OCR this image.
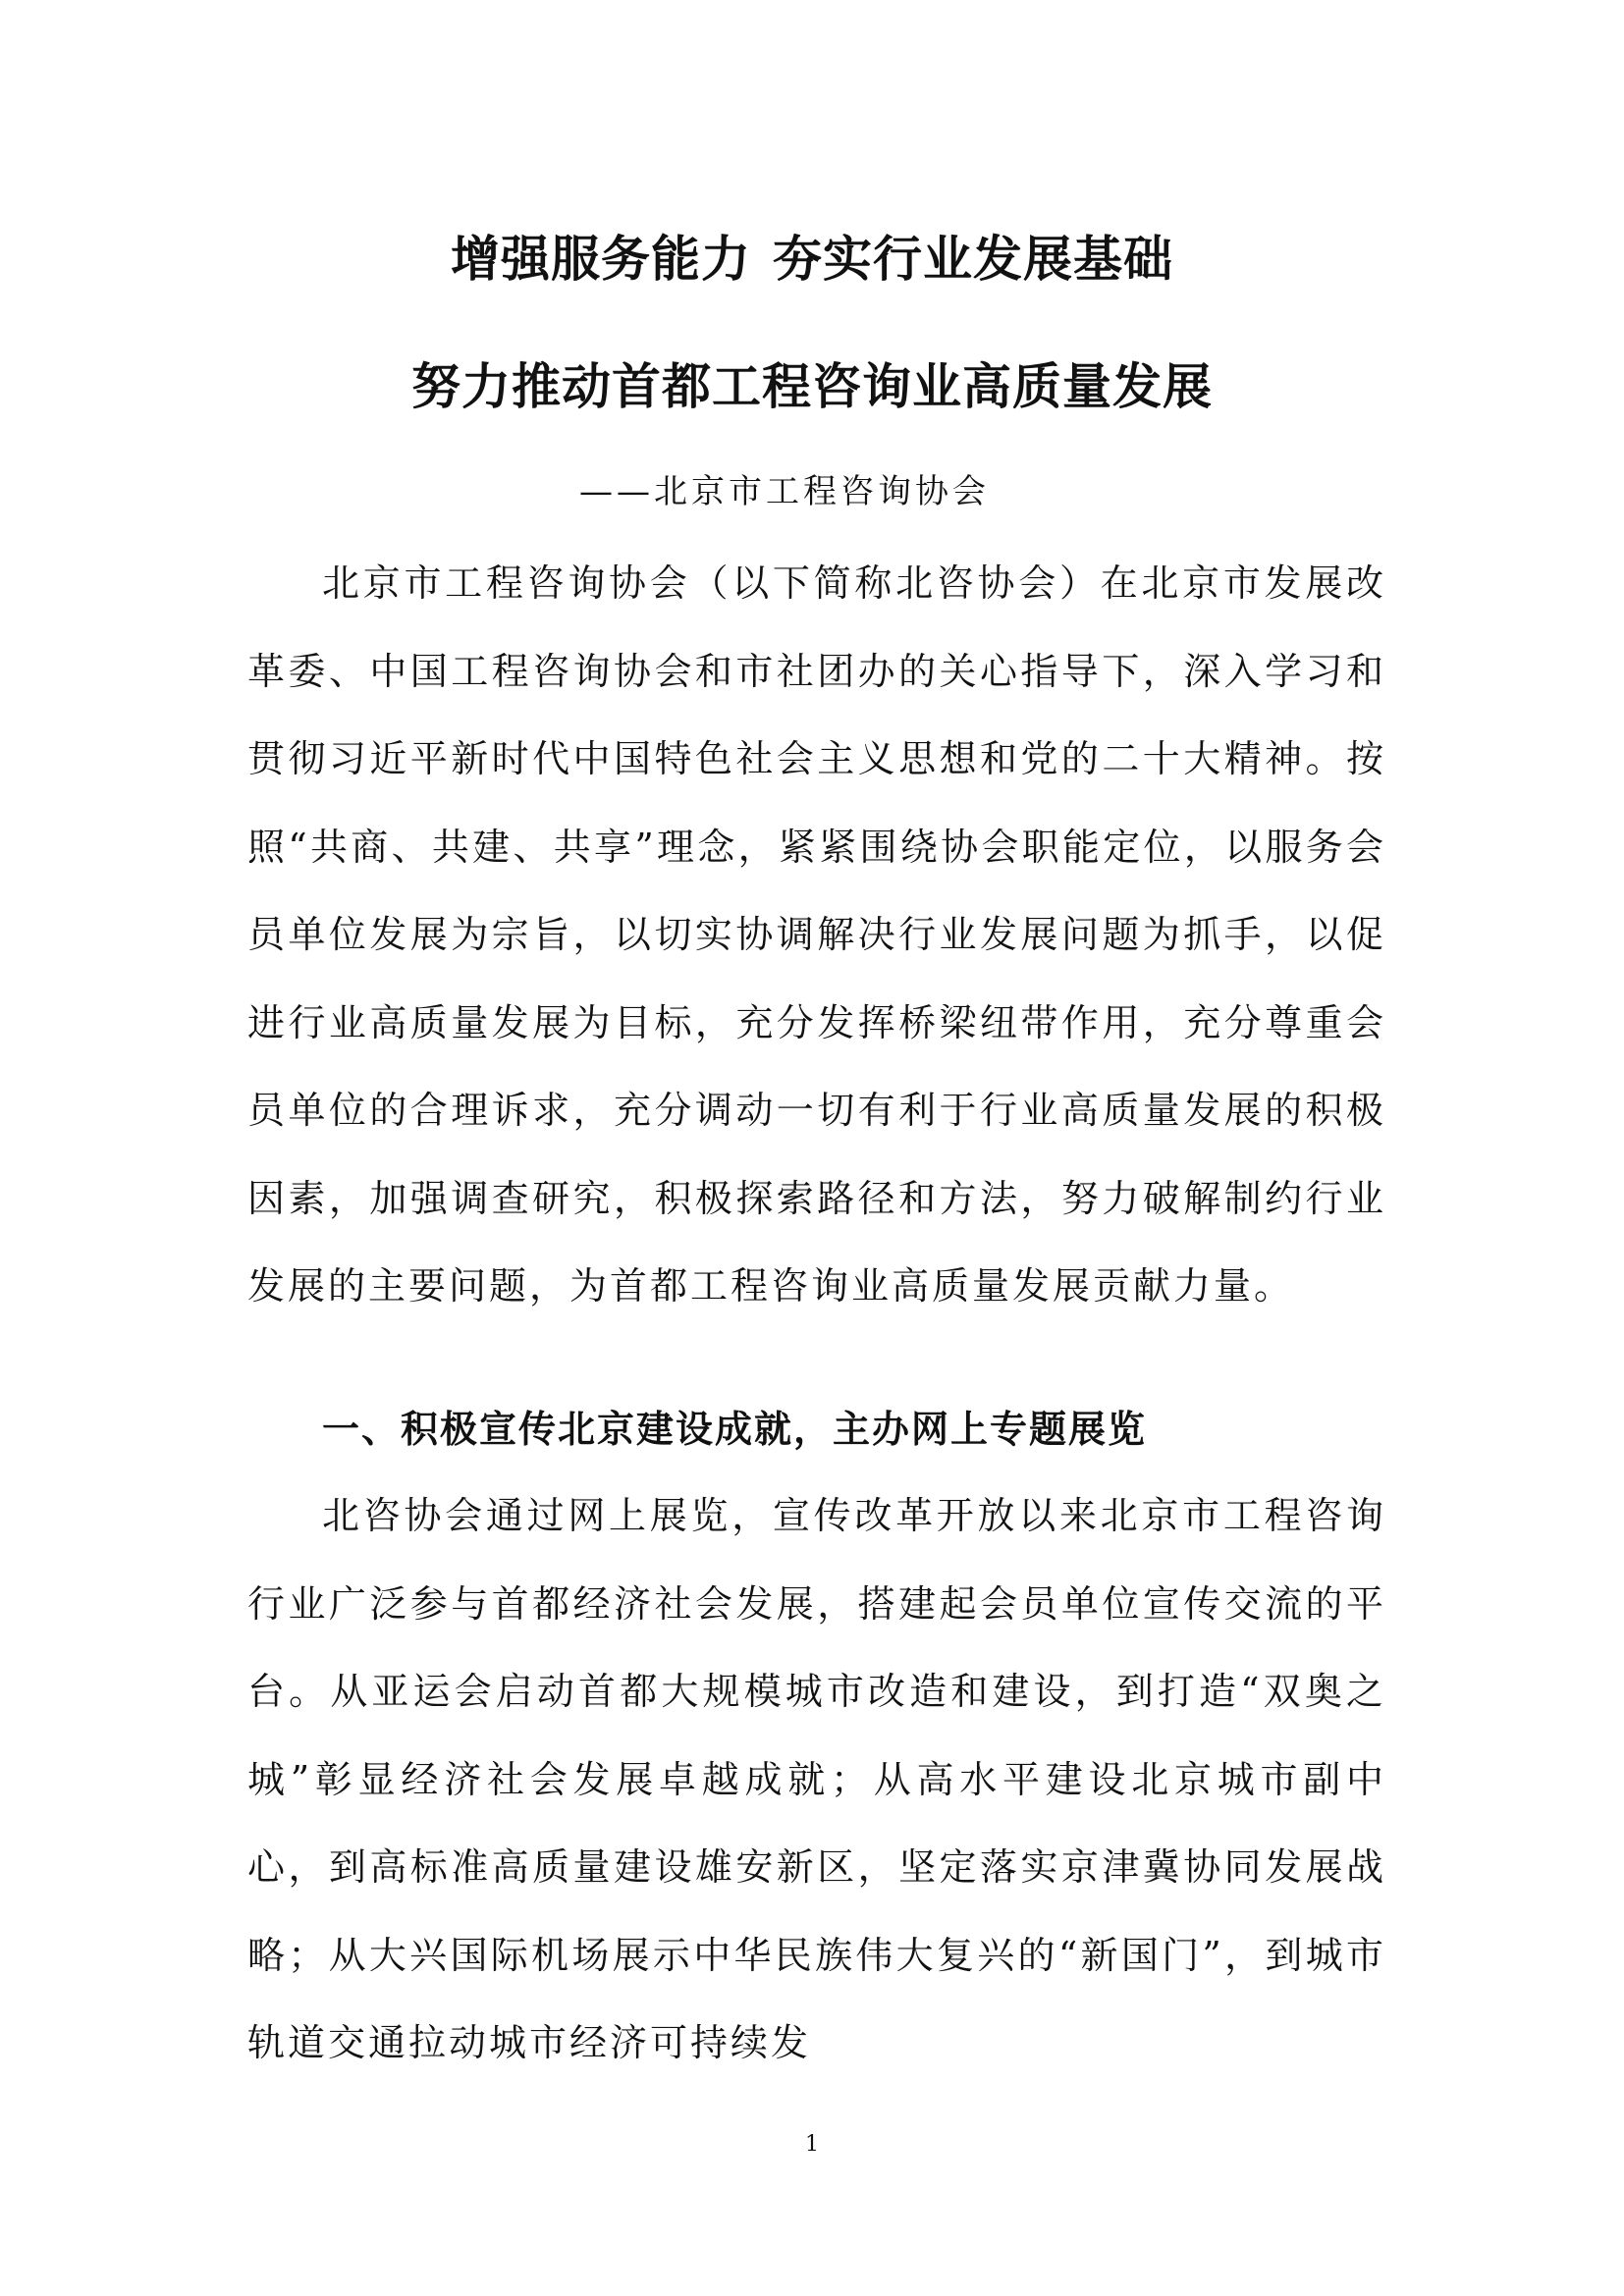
增强服务能力 夯实行业发展基础
努力推动首都工程咨询业高质量发展
——北京市工程咨询协会

北京市工程咨询协会（以下简称北咨协会）在北京市发展改革委、中国工程咨询协会和市社团办的关心指导下，深入学习和贯彻习近平新时代中国特色社会主义思想和党的二十大精神。按照“共商、共建、共享”理念，紧紧围绕协会职能定位，以服务会员单位发展为宗旨，以切实协调解决行业发展问题为抓手，以促进行业高质量发展为目标，充分发挥桥梁纽带作用，充分尊重会员单位的合理诉求，充分调动一切有利于行业高质量发展的积极因素，加强调查研究，积极探索路径和方法，努力破解制约行业发展的主要问题，为首都工程咨询业高质量发展贡献力量。

一、积极宣传北京建设成就，主办网上专题展览

北咨协会通过网上展览，宣传改革开放以来北京市工程咨询行业广泛参与首都经济社会发展，搭建起会员单位宣传交流的平台。从亚运会启动首都大规模城市改造和建设，到打造“双奥之城”彰显经济社会发展卓越成就；从高水平建设北京城市副中心，到高标准高质量建设雄安新区，坚定落实京津冀协同发展战略；从大兴国际机场展示中华民族伟大复兴的“新国门”，到城市轨道交通拉动城市经济可持续发

1
